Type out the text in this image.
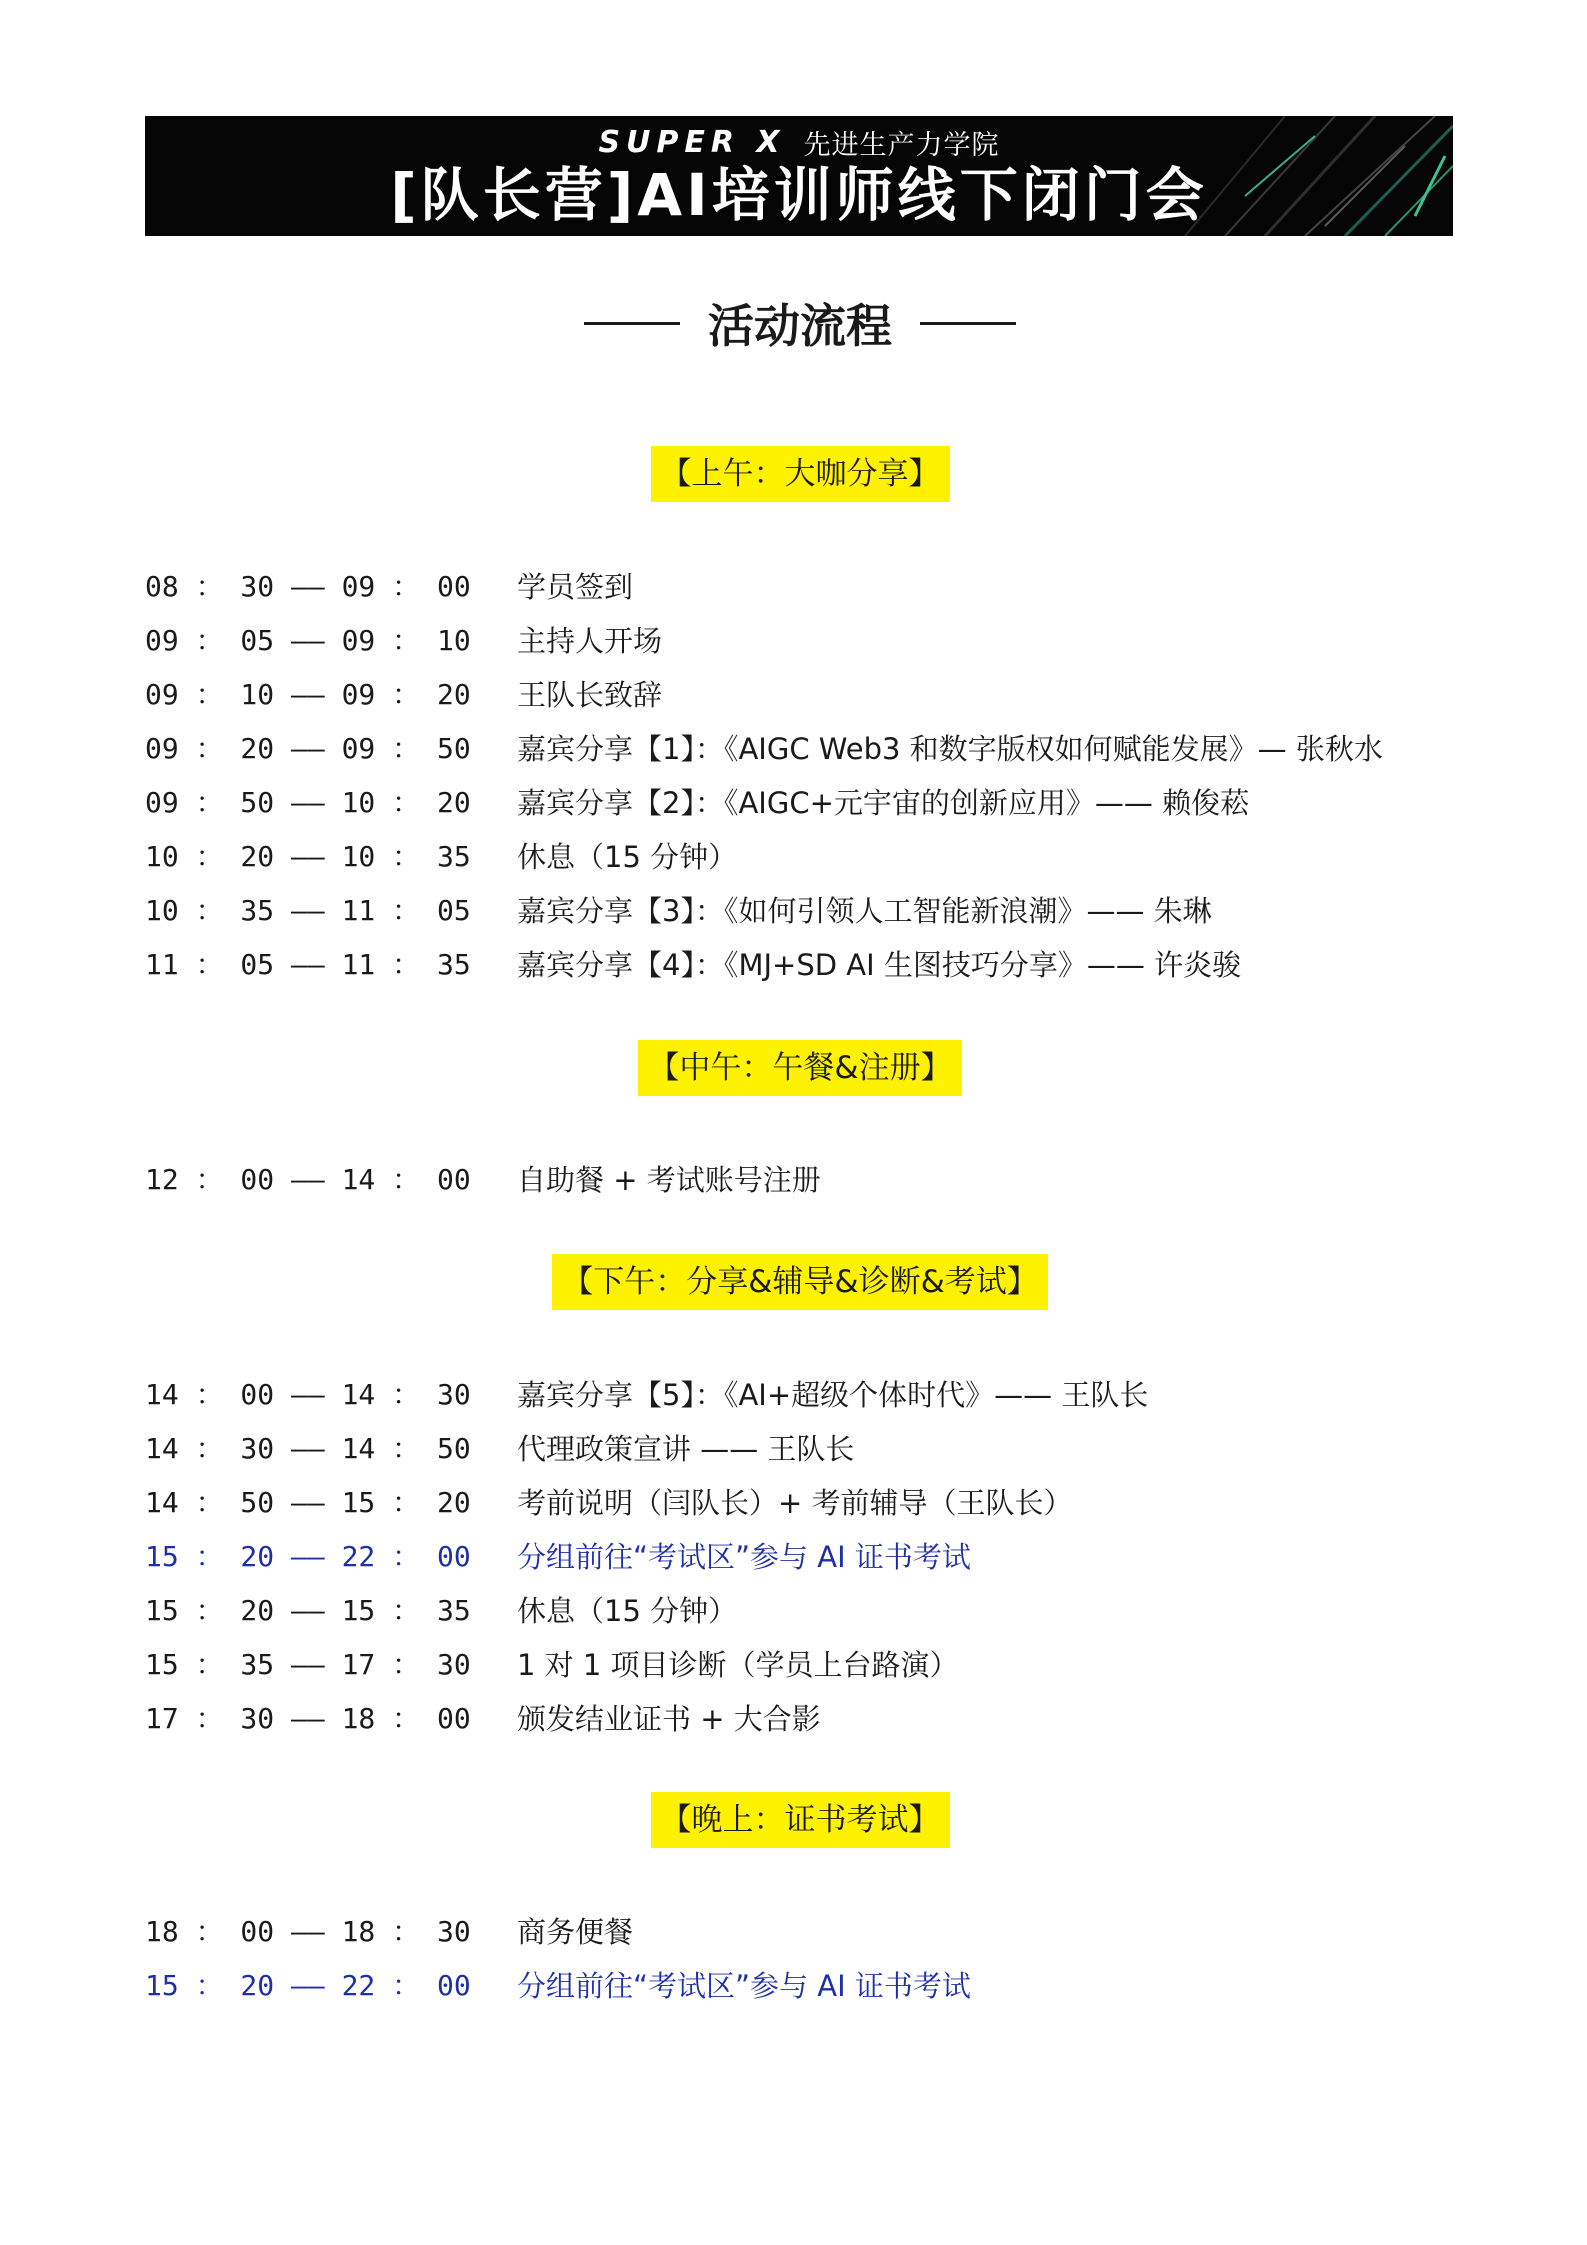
SUPER X 先进生产力学院
[队长营]AI培训师线下闭门会
活动流程
【上午：大咖分享】
08 ： 30 —— 09 ： 00	学员签到
09 ： 05 —— 09 ： 10	主持人开场
09 ： 10 —— 09 ： 20	王队长致辞
09 ： 20 —— 09 ： 50	嘉宾分享【1】：《AIGC Web3 和数字版权如何赋能发展》— 张秋水
09 ： 50 —— 10 ： 20	嘉宾分享【2】：《AIGC+元宇宙的创新应用》—— 赖俊菘
10 ： 20 —— 10 ： 35	休息（15 分钟）
10 ： 35 —— 11 ： 05	嘉宾分享【3】：《如何引领人工智能新浪潮》—— 朱琳
11 ： 05 —— 11 ： 35	嘉宾分享【4】：《MJ+SD AI 生图技巧分享》—— 许炎骏
【中午：午餐&注册】
12 ： 00 —— 14 ： 00	自助餐 + 考试账号注册
【下午：分享&辅导&诊断&考试】
14 ： 00 —— 14 ： 30	嘉宾分享【5】：《AI+超级个体时代》—— 王队长
14 ： 30 —— 14 ： 50	代理政策宣讲 —— 王队长
14 ： 50 —— 15 ： 20	考前说明（闫队长）+ 考前辅导（王队长）
15 ： 20 —— 22 ： 00	分组前往“考试区”参与 AI 证书考试
15 ： 20 —— 15 ： 35	休息（15 分钟）
15 ： 35 —— 17 ： 30	1 对 1 项目诊断（学员上台路演）
17 ： 30 —— 18 ： 00	颁发结业证书 + 大合影
【晚上：证书考试】
18 ： 00 —— 18 ： 30	商务便餐
15 ： 20 —— 22 ： 00	分组前往“考试区”参与 AI 证书考试
